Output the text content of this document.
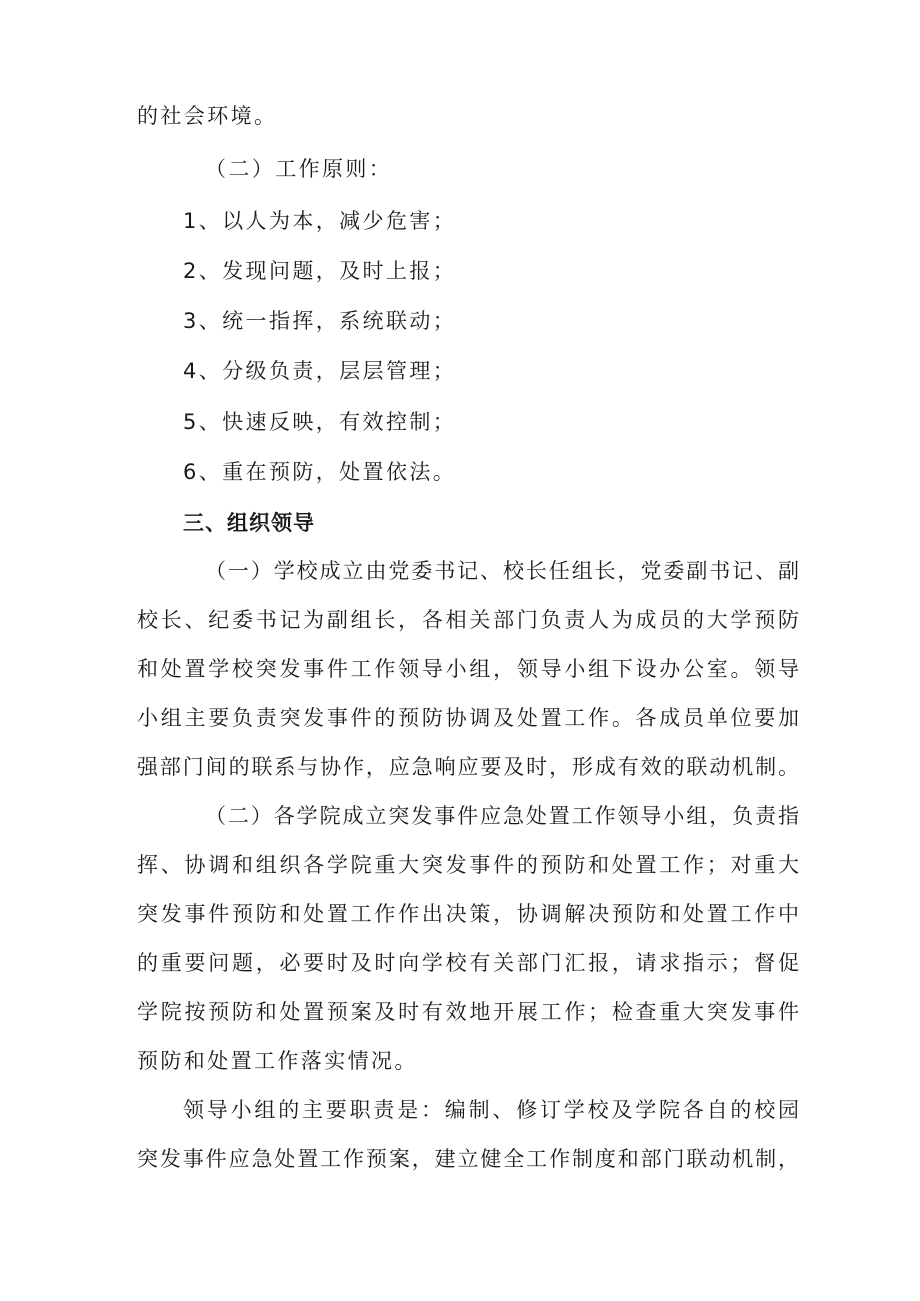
的社会环境。
（二）工作原则：
1、以人为本，减少危害；
2、发现问题，及时上报；
3、统一指挥，系统联动；
4、分级负责，层层管理；
5、快速反映，有效控制；
6、重在预防，处置依法。
三、组织领导
（一）学校成立由党委书记、校长任组长，党委副书记、副
校长、纪委书记为副组长，各相关部门负责人为成员的大学预防
和处置学校突发事件工作领导小组，领导小组下设办公室。领导
小组主要负责突发事件的预防协调及处置工作。各成员单位要加
强部门间的联系与协作，应急响应要及时，形成有效的联动机制。
（二）各学院成立突发事件应急处置工作领导小组，负责指
挥、协调和组织各学院重大突发事件的预防和处置工作；对重大
突发事件预防和处置工作作出决策，协调解决预防和处置工作中
的重要问题，必要时及时向学校有关部门汇报，请求指示；督促
学院按预防和处置预案及时有效地开展工作；检查重大突发事件
预防和处置工作落实情况。
领导小组的主要职责是：编制、修订学校及学院各自的校园
突发事件应急处置工作预案，建立健全工作制度和部门联动机制，
